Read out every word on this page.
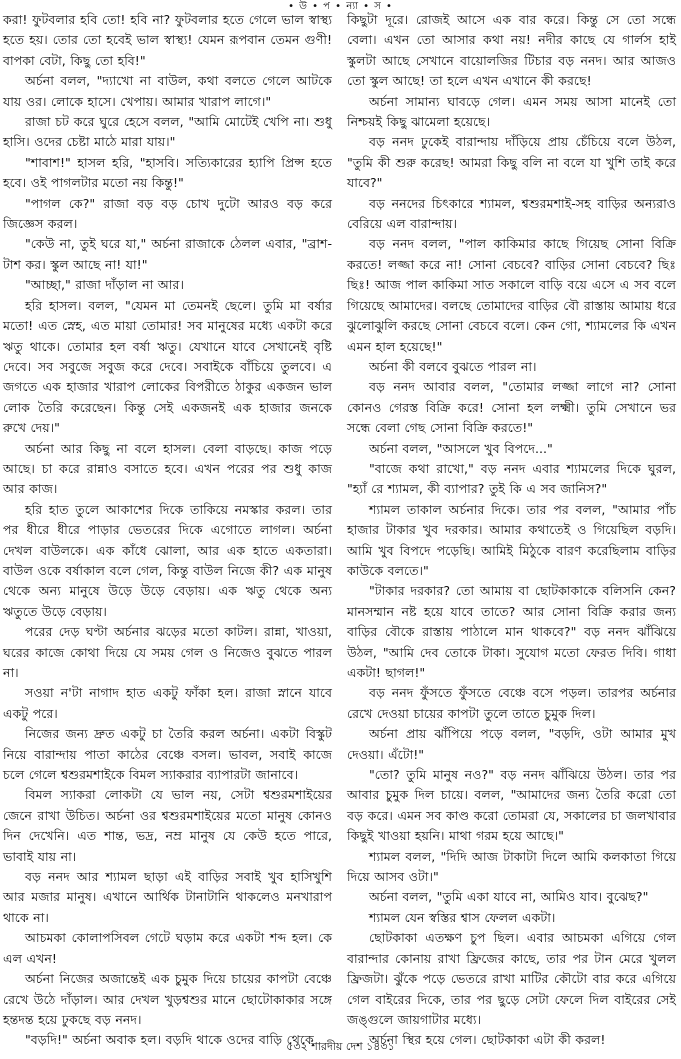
• উ • প • ন্যা • স •

করা! ফুটবলার হবি তো! হবি না? ফুটবলার হতে গেলে ভাল স্বাস্থ্য হতে হয়। তোর তো হবেই ভাল স্বাস্থ্য! যেমন রূপবান তেমন গুণী! বাপকা বেটা, কিছু তো হবি!"

অর্চনা বলল, "দ্যাখো না বাউল, কথা বলতে গেলে আটকে যায় ওর। লোকে হাসে। খেপায়। আমার খারাপ লাগে।"

রাজা চট করে ঘুরে হেসে বলল, "আমি মোটেই খেপি না। শুধু হাসি। ওদের চেষ্টা মাঠে মারা যায়।"

"শাবাশ!" হাসল হরি, "হাসবি। সত্যিকারের হ্যাপি প্রিন্স হতে হবে। ওই পাগলটার মতো নয় কিন্তু!"

"পাগল কে?" রাজা বড় বড় চোখ দুটো আরও বড় করে জিজ্ঞেস করল।

"কেউ না, তুই ঘরে যা," অর্চনা রাজাকে ঠেলল এবার, "ব্রাশ-টাশ কর। স্কুল আছে না! যা!"

"আচ্ছা," রাজা দাঁড়াল না আর।

হরি হাসল। বলল, "যেমন মা তেমনই ছেলে। তুমি মা বর্ষার মতো! এত স্নেহ, এত মায়া তোমার! সব মানুষের মধ্যে একটা করে ঋতু থাকে। তোমার হল বর্ষা ঋতু। যেখানে যাবে সেখানেই বৃষ্টি দেবে। সব সবুজে সবুজ করে দেবে। সবাইকে বাঁচিয়ে তুলবে। এ জগতে এক হাজার খারাপ লোকের বিপরীতে ঠাকুর একজন ভাল লোক তৈরি করেছেন। কিন্তু সেই একজনই এক হাজার জনকে রুখে দেয়।"

অর্চনা আর কিছু না বলে হাসল। বেলা বাড়ছে। কাজ পড়ে আছে। চা করে রান্নাও বসাতে হবে। এখন পরের পর শুধু কাজ আর কাজ।

হরি হাত তুলে আকাশের দিকে তাকিয়ে নমস্কার করল। তার পর ধীরে ধীরে পাড়ার ভেতরের দিকে এগোতে লাগল। অর্চনা দেখল বাউলকে। এক কাঁধে ঝোলা, আর এক হাতে একতারা। বাউল ওকে বর্ষাকাল বলে গেল, কিন্তু বাউল নিজে কী? এক মানুষ থেকে অন্য মানুষে উড়ে উড়ে বেড়ায়। এক ঋতু থেকে অন্য ঋতুতে উড়ে বেড়ায়।

পরের দেড় ঘণ্টা অর্চনার ঝড়ের মতো কাটল। রান্না, খাওয়া, ঘরের কাজে কোথা দিয়ে যে সময় গেল ও নিজেও বুঝতে পারল না।

সওয়া ন'টা নাগাদ হাত একটু ফাঁকা হল। রাজা স্নানে যাবে একটু পরে।

নিজের জন্য দ্রুত একটু চা তৈরি করল অর্চনা। একটা বিস্কুট নিয়ে বারান্দায় পাতা কাঠের বেঞ্চে বসল। ভাবল, সবাই কাজে চলে গেলে শ্বশুরমশাইকে বিমল স্যাকরার ব্যাপারটা জানাবে।

বিমল স্যাকরা লোকটা যে ভাল নয়, সেটা শ্বশুরমশাইয়ের জেনে রাখা উচিত। অর্চনা ওর শ্বশুরমশাইয়ের মতো মানুষ কোনও দিন দেখেনি। এত শান্ত, ভদ্র, নম্র মানুষ যে কেউ হতে পারে, ভাবাই যায় না।

বড় ননদ আর শ্যামল ছাড়া এই বাড়ির সবাই খুব হাসিখুশি আর মজার মানুষ। এখানে আর্থিক টানাটানি থাকলেও মনখারাপ থাকে না।

আচমকা কোলাপসিবল গেটে ঘড়াম করে একটা শব্দ হল। কে এল এখন!

অর্চনা নিজের অজান্তেই এক চুমুক দিয়ে চায়ের কাপটা বেঞ্চে রেখে উঠে দাঁড়াল। আর দেখল খুড়শ্বশুর মানে ছোটোকাকার সঙ্গে হন্তদন্ত হয়ে ঢুকছে বড় ননদ।

"বড়দি!" অর্চনা অবাক হল। বড়দি থাকে ওদের বাড়ি থেকে

কিছুটা দূরে। রোজই আসে এক বার করে। কিন্তু সে তো সন্ধে বেলা। এখন তো আসার কথা নয়! নদীর কাছে যে গার্লস হাই স্কুলটা আছে সেখানে বায়োলজির টিচার বড় ননদ। আর আজও তো স্কুল আছে! তা হলে এখন এখানে কী করছে!

অর্চনা সামান্য ঘাবড়ে গেল। এমন সময় আসা মানেই তো নিশ্চয়ই কিছু ঝামেলা হয়েছে।

বড় ননদ ঢুকেই বারান্দায় দাঁড়িয়ে প্রায় চেঁচিয়ে বলে উঠল, "তুমি কী শুরু করেছ! আমরা কিছু বলি না বলে যা খুশি তাই করে যাবে?"

বড় ননদের চিৎকারে শ্যামল, শ্বশুরমশাই-সহ বাড়ির অন্যরাও বেরিয়ে এল বারান্দায়।

বড় ননদ বলল, "পাল কাকিমার কাছে গিয়েছ সোনা বিক্রি করতে! লজ্জা করে না! সোনা বেচবে? বাড়ির সোনা বেচবে? ছিঃ ছিঃ! আজ পাল কাকিমা সাত সকালে বাড়ি বয়ে এসে এ সব বলে গিয়েছে আমাদের। বলছে তোমাদের বাড়ির বৌ রাস্তায় আমায় ধরে ঝুলোঝুলি করছে সোনা বেচবে বলে। কেন গো, শ্যামলের কি এখন এমন হাল হয়েছে!"

অর্চনা কী বলবে বুঝতে পারল না।

বড় ননদ আবার বলল, "তোমার লজ্জা লাগে না? সোনা কোনও গেরস্ত বিক্রি করে! সোনা হল লক্ষ্মী। তুমি সেখানে ভর সন্ধে বেলা গেছ সোনা বিক্রি করতে!"

অর্চনা বলল, "আসলে খুব বিপদে..."

"বাজে কথা রাখো," বড় ননদ এবার শ্যামলের দিকে ঘুরল, "হ্যাঁ রে শ্যামল, কী ব্যাপার? তুই কি এ সব জানিস?"

শ্যামল তাকাল অর্চনার দিকে। তার পর বলল, "আমার পাঁচ হাজার টাকার খুব দরকার। আমার কথাতেই ও গিয়েছিল বড়দি। আমি খুব বিপদে পড়েছি। আমিই মিঠুকে বারণ করেছিলাম বাড়ির কাউকে বলতে।"

"টাকার দরকার? তো আমায় বা ছোটকাকাকে বলিসনি কেন? মানসম্মান নষ্ট হয়ে যাবে তাতে? আর সোনা বিক্রি করার জন্য বাড়ির বৌকে রাস্তায় পাঠালে মান থাকবে?" বড় ননদ ঝাঁঝিয়ে উঠল, "আমি দেব তোকে টাকা। সুযোগ মতো ফেরত দিবি। গাধা একটা! ছাগল!"

বড় ননদ ফুঁসতে ফুঁসতে বেঞ্চে বসে পড়ল। তারপর অর্চনার রেখে দেওয়া চায়ের কাপটা তুলে তাতে চুমুক দিল।

অর্চনা প্রায় ঝাঁপিয়ে পড়ে বলল, "বড়দি, ওটা আমার মুখ দেওয়া। এঁটো!"

"তো? তুমি মানুষ নও?" বড় ননদ ঝাঁঝিয়ে উঠল। তার পর আবার চুমুক দিল চায়ে। বলল, "আমাদের জন্য তৈরি করো তো বড় করে। এমন সব কাণ্ড করো তোমরা যে, সকালের চা জলখাবার কিছুই খাওয়া হয়নি। মাথা গরম হয়ে আছে।"

শ্যামল বলল, "দিদি আজ টাকাটা দিলে আমি কলকাতা গিয়ে দিয়ে আসব ওটা।"

অর্চনা বলল, "তুমি একা যাবে না, আমিও যাব। বুঝেছ?"

শ্যামল যেন স্বস্তির শ্বাস ফেলল একটা।

ছোটকাকা এতক্ষণ চুপ ছিল। এবার আচমকা এগিয়ে গেল বারান্দার কোনায় রাখা ফ্রিজের কাছে, তার পর টান মেরে খুলল ফ্রিজটা। ঝুঁকে পড়ে ভেতরে রাখা মাটির কৌটো বার করে এগিয়ে গেল বাইরের দিকে, তার পর ছুড়ে সেটা ফেলে দিল বাইরের সেই জঙ্গুলে জায়গাটার মধ্যে।

অর্চনা স্থির হয়ে গেল। ছোটকাকা এটা কী করল!

৫৩২ শারদীয় দেশ ১৪৩১
